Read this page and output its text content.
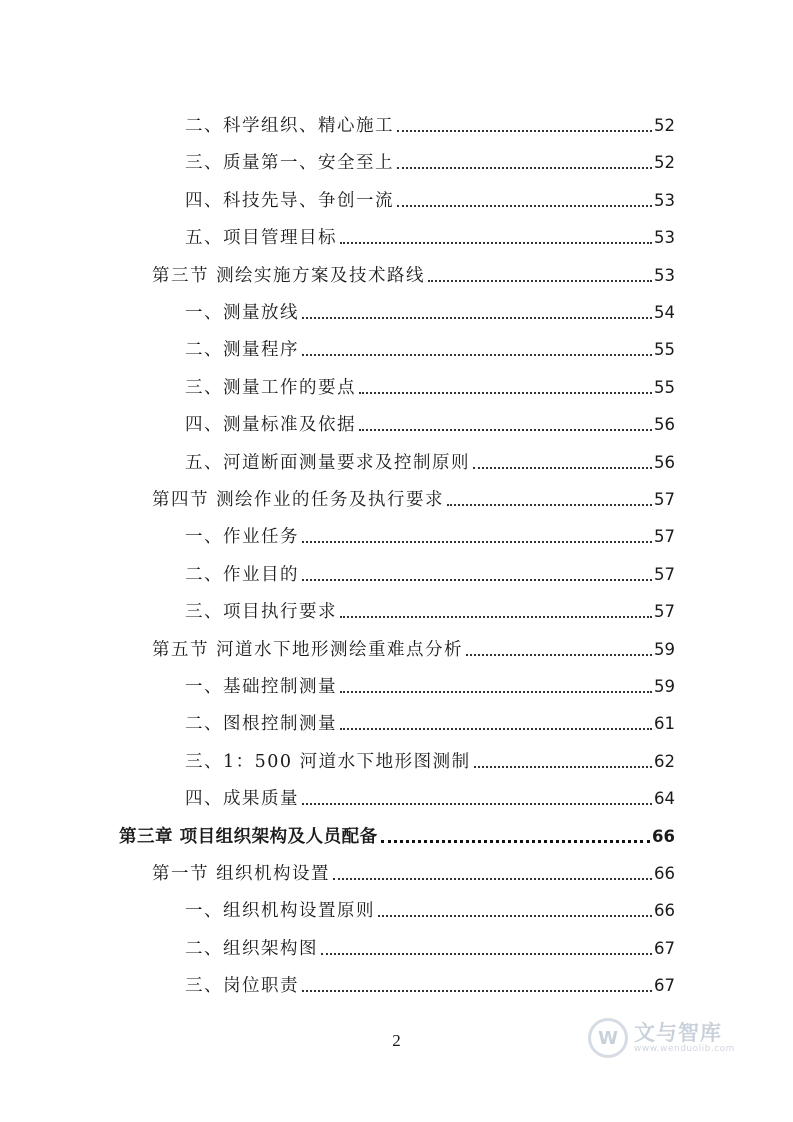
二、科学组织、精心施工	52
三、质量第一、安全至上	52
四、科技先导、争创一流	53
五、项目管理目标	53
第三节 测绘实施方案及技术路线	53
一、测量放线	54
二、测量程序	55
三、测量工作的要点	55
四、测量标准及依据	56
五、河道断面测量要求及控制原则	56
第四节 测绘作业的任务及执行要求	57
一、作业任务	57
二、作业目的	57
三、项目执行要求	57
第五节 河道水下地形测绘重难点分析	59
一、基础控制测量	59
二、图根控制测量	61
三、1：500 河道水下地形图测制	62
四、成果质量	64
第三章 项目组织架构及人员配备	66
第一节 组织机构设置	66
一、组织机构设置原则	66
二、组织架构图	67
三、岗位职责	67
2	W 文与智库
www.wenduolib.com
